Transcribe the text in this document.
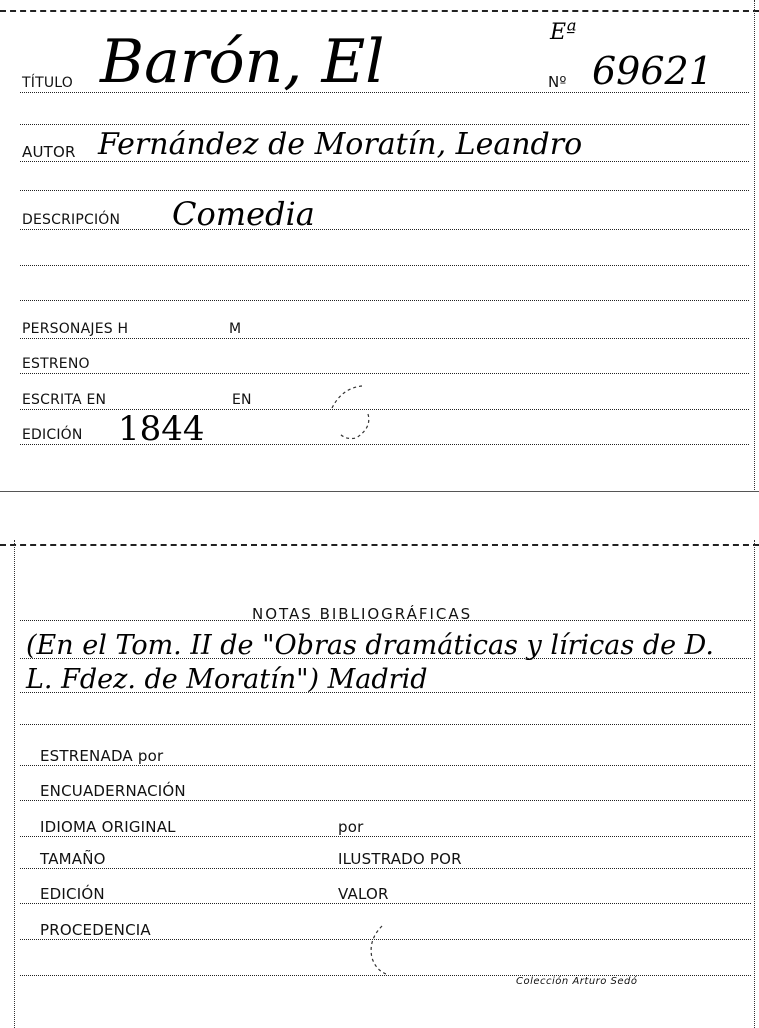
TÍTULO Barón, El	Eª
Nº 69621
AUTOR Fernández de Moratín, Leandro
DESCRIPCIÓN Comedia
PERSONAJES H	M
ESTRENO
ESCRITA EN	EN
EDICIÓN 1844
NOTAS BIBLIOGRÁFICAS
(En el Tom. II de "Obras dramáticas y líricas de D.
L. Fdez. de Moratín") Madrid
ESTRENADA por
ENCUADERNACIÓN
IDIOMA ORIGINAL	por
TAMAÑO	ILUSTRADO POR
EDICIÓN	VALOR
PROCEDENCIA
Colección Arturo Sedó
